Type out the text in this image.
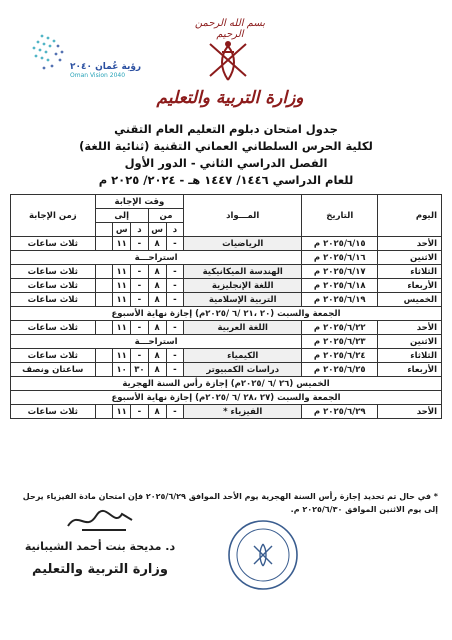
بسم الله الرحمن الرحيم
وزارة التربية والتعليم
رؤية عُمان ٢٠٤٠
Oman Vision 2040
جدول امتحان دبلوم التعليم العام التقني
لكلية الحرس السلطاني العماني التقنية (ثنائية اللغة)
الفصل الدراسي الثاني - الدور الأول
للعام الدراسي ١٤٤٦/ ١٤٤٧ هـ - ٢٠٢٤/ ٢٠٢٥ م
اليوم	التاريخ	المـــواد	وقت الإجابة					زمن الإجابة
			من		إلى			
			د	س	د	س		
الأحد	٢٠٢٥/٦/١٥ م	الرياضيات	-	٨	-	١١		ثلاث ساعات
الاثنين	٢٠٢٥/٦/١٦ م	استراحـــة						
الثلاثاء	٢٠٢٥/٦/١٧ م	الهندسة الميكانيكية	-	٨	-	١١		ثلاث ساعات
الأربعاء	٢٠٢٥/٦/١٨ م	اللغة الإنجليزية	-	٨	-	١١		ثلاث ساعات
الخميس	٢٠٢٥/٦/١٩ م	التربية الإسلامية	-	٨	-	١١		ثلاث ساعات
الجمعة والسبت (٢٠ ،٢١ /٦ /٢٠٢٥م) إجازة نهاية الأسبوع								
الأحد	٢٠٢٥/٦/٢٢ م	اللغة العربية	-	٨	-	١١		ثلاث ساعات
الاثنين	٢٠٢٥/٦/٢٣ م	استراحـــة						
الثلاثاء	٢٠٢٥/٦/٢٤ م	الكيمياء	-	٨	-	١١		ثلاث ساعات
الأربعاء	٢٠٢٥/٦/٢٥ م	دراسات الكمبيوتر	-	٨	٣٠	١٠		ساعتان ونصف
الخميس (٢٦ /٦ /٢٠٢٥م) إجازة رأس السنة الهجرية								
الجمعة والسبت (٢٧ ،٢٨ /٦ /٢٠٢٥م) إجازة نهاية الأسبوع								
الأحد	٢٠٢٥/٦/٢٩ م	الفيزياء *	-	٨	-	١١		ثلاث ساعات
* في حال تم تحديد إجازة رأس السنة الهجرية يوم الأحد الموافق ٢٠٢٥/٦/٢٩ فإن امتحان مادة الفيزياء يرحل إلى يوم الاثنين الموافق ٢٠٢٥/٦/٣٠ م.
د. مديحة بنت أحمد الشيبانية
وزارة التربية والتعليم
